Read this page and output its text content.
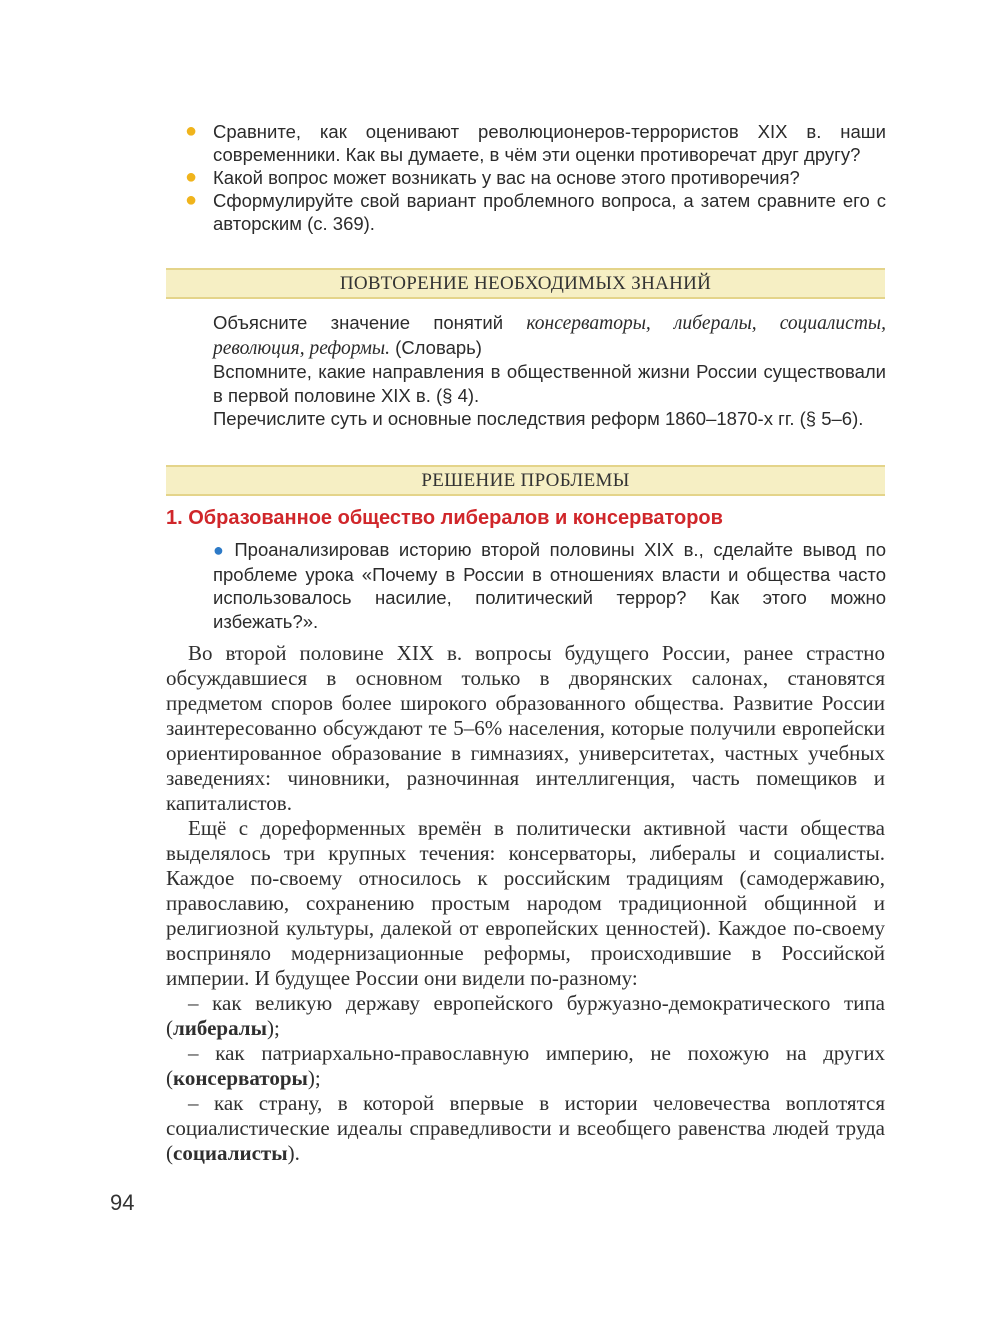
● Сравните, как оценивают революционеров-террористов XIX в. наши современники. Как вы думаете, в чём эти оценки противоречат друг другу?
● Какой вопрос может возникать у вас на основе этого противоречия?
● Сформулируйте свой вариант проблемного вопроса, а затем сравните его с авторским (с. 369).
ПОВТОРЕНИЕ НЕОБХОДИМЫХ ЗНАНИЙ

Объясните значение понятий консерваторы, либералы, социалисты, революция, реформы. (Словарь)

Вспомните, какие направления в общественной жизни России существовали в первой половине XIX в. (§ 4).

Перечислите суть и основные последствия реформ 1860–1870-х гг. (§ 5–6).

РЕШЕНИЕ ПРОБЛЕМЫ
1. Образованное общество либералов и консерваторов
● Проанализировав историю второй половины XIX в., сделайте вывод по проблеме урока «Почему в России в отношениях власти и общества часто использовалось насилие, политический террор? Как этого можно избежать?».

Во второй половине XIX в. вопросы будущего России, ранее страстно обсуждавшиеся в основном только в дворянских салонах, становятся предметом споров более широкого образованного общества. Развитие России заинтересованно обсуждают те 5–6% населения, которые получили европейски ориентированное образование в гимназиях, университетах, частных учебных заведениях: чиновники, разночинная интеллигенция, часть помещиков и капиталистов.

Ещё с дореформенных времён в политически активной части общества выделялось три крупных течения: консерваторы, либералы и социалисты. Каждое по-своему относилось к российским традициям (самодержавию, православию, сохранению простым народом традиционной общинной и религиозной культуры, далекой от европейских ценностей). Каждое по-своему восприняло модернизационные реформы, происходившие в Российской империи. И будущее России они видели по-разному:

– как великую державу европейского буржуазно-демократического типа (либералы);

– как патриархально-православную империю, не похожую на других (консерваторы);

– как страну, в которой впервые в истории человечества воплотятся социалистические идеалы справедливости и всеобщего равенства людей труда (социалисты).

94
